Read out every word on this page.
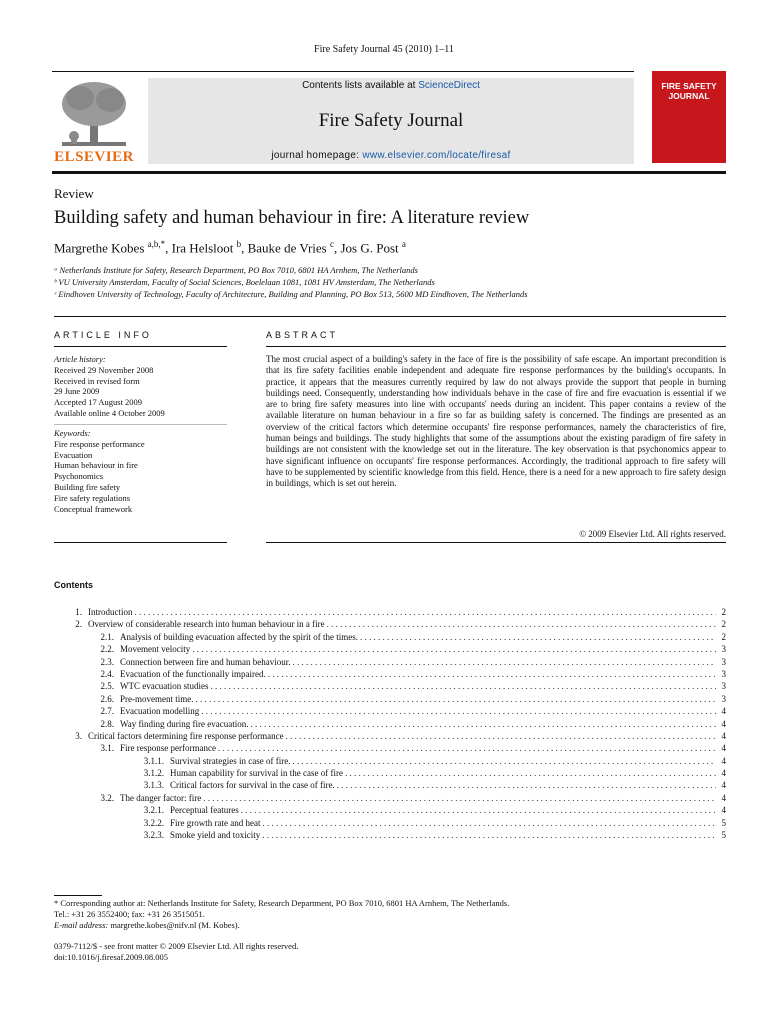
Fire Safety Journal 45 (2010) 1–11
ELSEVIER
Contents lists available at ScienceDirect
Fire Safety Journal
journal homepage: www.elsevier.com/locate/firesaf
FIRE SAFETY JOURNAL
Review
Building safety and human behaviour in fire: A literature review
Margrethe Kobes $^{a,b,*}$, Ira Helsloot $^b$, Bauke de Vries $^c$, Jos G. Post $^a$
ᵃ Netherlands Institute for Safety, Research Department, PO Box 7010, 6801 HA Arnhem, The Netherlands
ᵇ VU University Amsterdam, Faculty of Social Sciences, Boelelaan 1081, 1081 HV Amsterdam, The Netherlands
ᶜ Eindhoven University of Technology, Faculty of Architecture, Building and Planning, PO Box 513, 5600 MD Eindhoven, The Netherlands
ARTICLE INFO	ABSTRACT
Article history:
Received 29 November 2008
Received in revised form
29 June 2009
Accepted 17 August 2009
Available online 4 October 2009
Keywords:
Fire response performance
Evacuation
Human behaviour in fire
Psychonomics
Building fire safety
Fire safety regulations
Conceptual framework
The most crucial aspect of a building's safety in the face of fire is the possibility of safe escape. An important precondition is that its fire safety facilities enable independent and adequate fire response performances by the building's occupants. In practice, it appears that the measures currently required by law do not always provide the support that people in burning buildings need. Consequently, understanding how individuals behave in the case of fire and fire evacuation is essential if we are to bring fire safety measures into line with occupants' needs during an incident. This paper contains a review of the available literature on human behaviour in a fire so far as building safety is concerned. The findings are presented as an overview of the critical factors which determine occupants' fire response performances, namely the characteristics of fire, human beings and buildings. The study highlights that some of the assumptions about the existing paradigm of fire safety in buildings are not consistent with the knowledge set out in the literature. The key observation is that psychonomics appear to have significant influence on occupants' fire response performances. Accordingly, the traditional approach to fire safety will have to be supplemented by scientific knowledge from this field. Hence, there is a need for a new approach to fire safety design in buildings, which is set out herein.
© 2009 Elsevier Ltd. All rights reserved.
Contents
1. Introduction . . .	2
2. Overview of considerable research into human behaviour in a fire . . .	2
2.1. Analysis of building evacuation affected by the spirit of the times. . . .	2
2.2. Movement velocity . . .	3
2.3. Connection between fire and human behaviour. . . .	3
2.4. Evacuation of the functionally impaired. . . .	3
2.5. WTC evacuation studies . . .	3
2.6. Pre-movement time. . . .	3
2.7. Evacuation modelling . . .	4
2.8. Way finding during fire evacuation. . . .	4
3. Critical factors determining fire response performance . . .	4
3.1. Fire response performance . . .	4
3.1.1. Survival strategies in case of fire. . . .	4
3.1.2. Human capability for survival in the case of fire . . .	4
3.1.3. Critical factors for survival in the case of fire. . . .	4
3.2. The danger factor: fire . . .	4
3.2.1. Perceptual features . . .	4
3.2.2. Fire growth rate and heat . . .	5
3.2.3. Smoke yield and toxicity . . .	5
* Corresponding author at: Netherlands Institute for Safety, Research Department, PO Box 7010, 6801 HA Arnhem, The Netherlands.
Tel.: +31 26 3552400; fax: +31 26 3515051.
E-mail address: margrethe.kobes@nifv.nl (M. Kobes).
0379-7112/$ - see front matter © 2009 Elsevier Ltd. All rights reserved.
doi:10.1016/j.firesaf.2009.08.005
